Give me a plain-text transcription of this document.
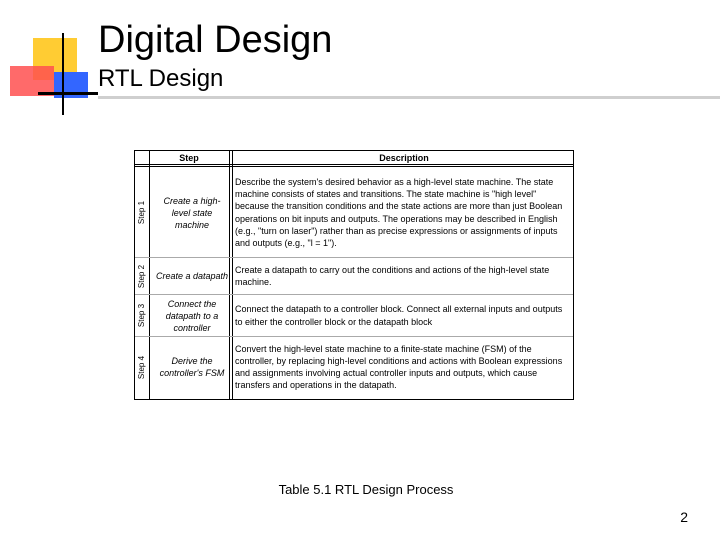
Digital Design
RTL Design
Step	Description
Step 1
Create a high-level state machine
Describe the system's desired behavior as a high-level state machine. The state machine consists of states and transitions. The state machine is "high level" because the transition conditions and the state actions are more than just Boolean operations on bit inputs and outputs. The operations may be described in English (e.g., "turn on laser") rather than as precise expressions or assignments of inputs and outputs (e.g., "l = 1").
Step 2 Create a datapath
Create a datapath to carry out the conditions and actions of the high-level state machine.
Step 3
Connect the datapath to a controller
Connect the datapath to a controller block. Connect all external inputs and outputs to either the controller block or the datapath block
Step 4	Derive the controller's FSM
Convert the high-level state machine to a finite-state machine (FSM) of the controller, by replacing high-level conditions and actions with Boolean expressions and assignments involving actual controller inputs and outputs, which cause transfers and operations in the datapath.
Table 5.1 RTL Design Process
2
